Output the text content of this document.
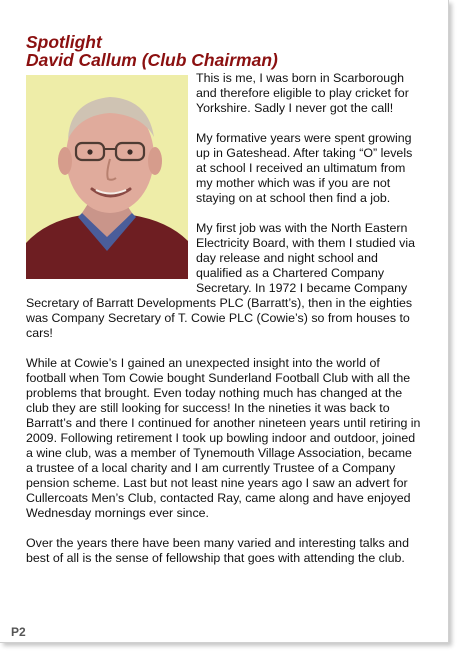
Spotlight
David Callum (Club Chairman)

This is me, I was born in Scarborough and therefore eligible to play cricket for Yorkshire. Sadly I never got the call!

My formative years were spent growing up in Gateshead. After taking “O” levels at school I received an ultimatum from my mother which was if you are not staying on at school then find a job.

My first job was with the North Eastern Electricity Board, with them I studied via day release and night school and qualified as a Chartered Company Secretary. In 1972 I became Company Secretary of Barratt Developments PLC (Barratt’s), then in the eighties was Company Secretary of T. Cowie PLC (Cowie’s) so from houses to cars!

While at Cowie’s I gained an unexpected insight into the world of football when Tom Cowie bought Sunderland Football Club with all the problems that brought. Even today nothing much has changed at the club they are still looking for success! In the nineties it was back to Barratt’s and there I continued for another nineteen years until retiring in 2009. Following retirement I took up bowling indoor and outdoor, joined a wine club, was a member of Tynemouth Village Association, became a trustee of a local charity and I am currently Trustee of a Company pension scheme. Last but not least nine years ago I saw an advert for Cullercoats Men’s Club, contacted Ray, came along and have enjoyed Wednesday mornings ever since.

Over the years there have been many varied and interesting talks and best of all is the sense of fellowship that goes with attending the club.

P2
